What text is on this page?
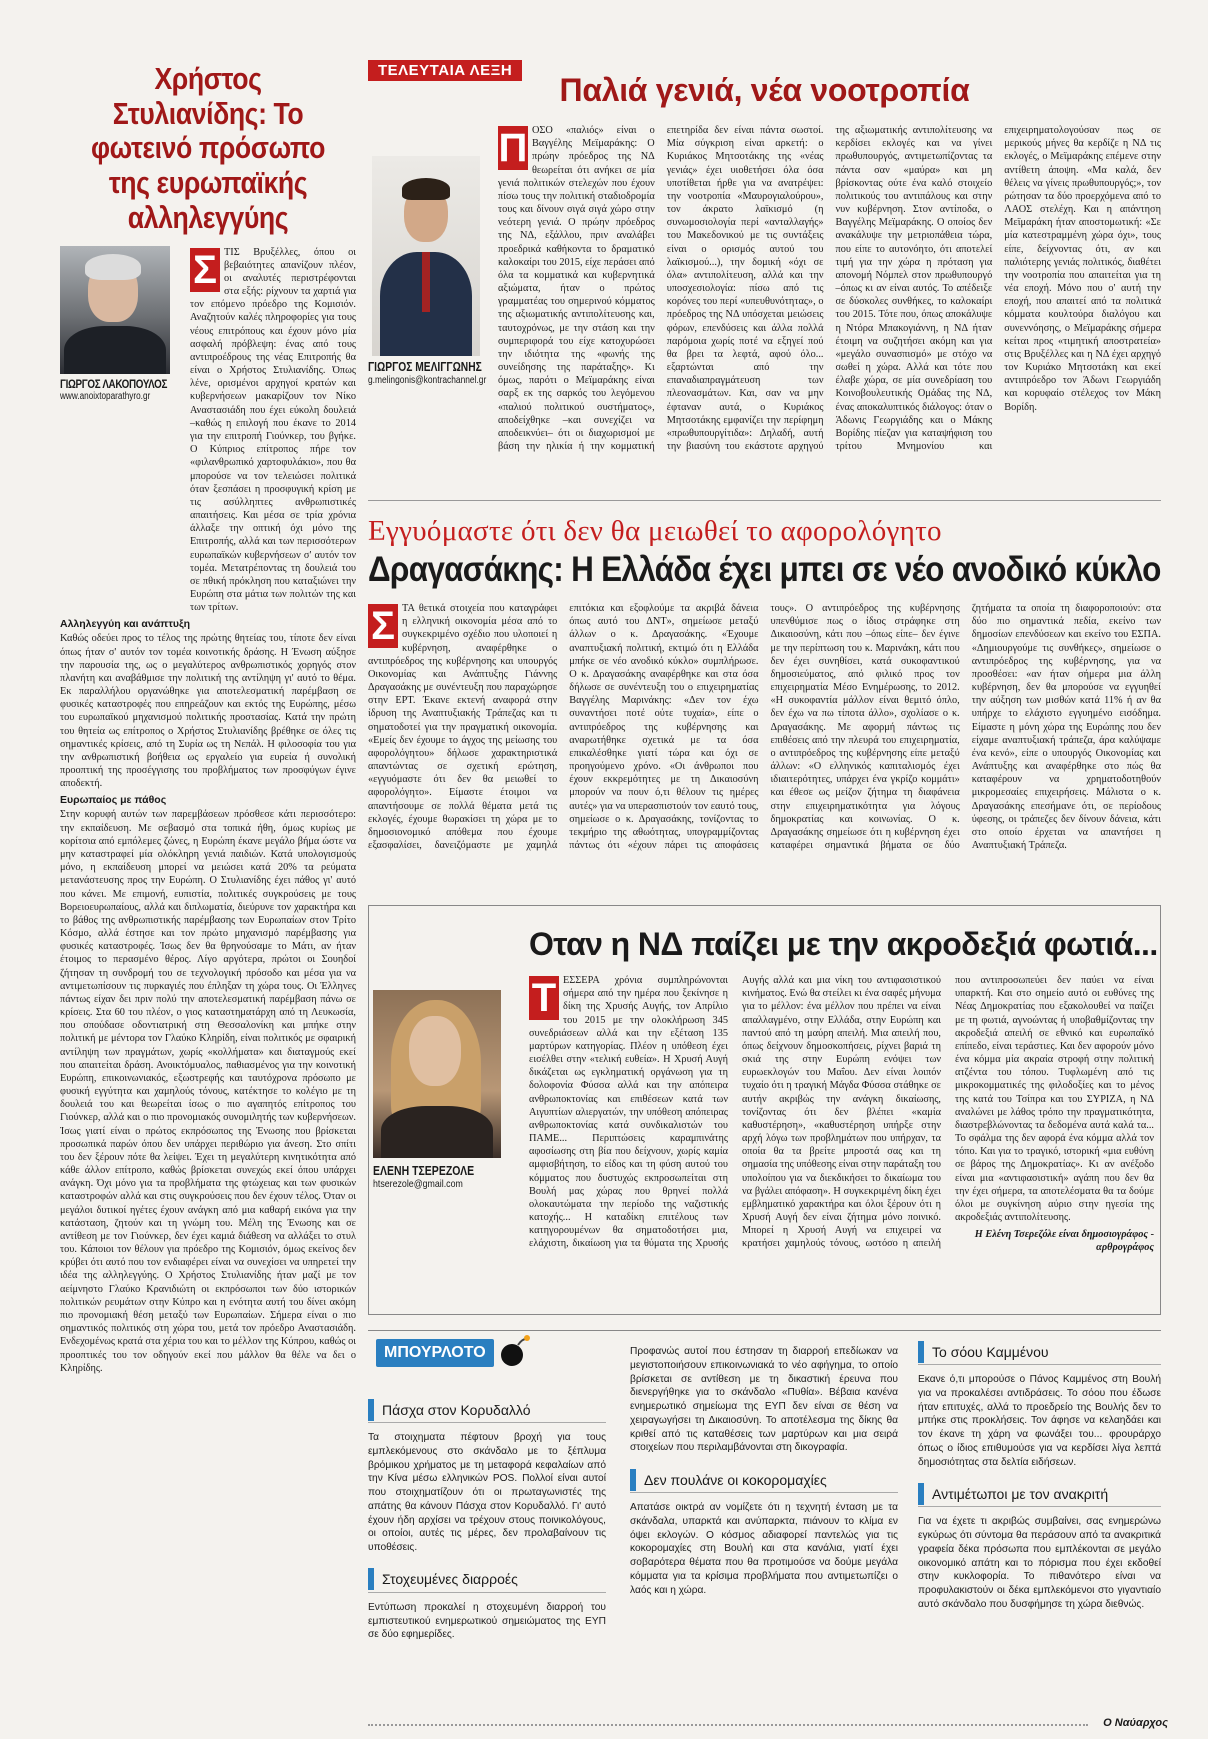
Χρήστος Στυλιανίδης: Το φωτεινό πρόσωπο της ευρωπαϊκής αλληλεγγύης
ΓΙΩΡΓΟΣ ΛΑΚΟΠΟΥΛΟΣ
www.anoixtoparathyro.gr
Σ ΤΙΣ Βρυξέλλες, όπου οι βεβαιότητες απανίζουν πλέον, οι αναλυτές περιστρέφονται στα εξής: ρίχνουν τα χαρτιά για τον επόμενο πρόεδρο της Κομισιόν. Αναζητούν καλές πληροφορίες για τους νέους επιτρόπους και έχουν μόνο μία ασφαλή πρόβλεψη: ένας από τους αντιπροέδρους της νέας Επιτροπής θα είναι ο Χρήστος Στυλιανίδης. Όπως λένε, ορισμένοι αρχηγοί κρατών και κυβερνήσεων μακαρίζουν τον Νίκο Αναστασιάδη που έχει εύκολη δουλειά –καθώς η επιλογή που έκανε το 2014 για την επιτροπή Γιούνκερ, του βγήκε. Ο Κύπριος επίτροπος πήρε τον «φιλανθρωπικό χαρτοφυλάκιο», που θα μπορούσε να τον τελειώσει πολιτικά όταν ξεσπάσει η προσφυγική κρίση με τις ασύλληπτες ανθρωπιστικές απαιτήσεις. Και μέσα σε τρία χρόνια άλλαξε την οπτική όχι μόνο της Επιτροπής, αλλά και των περισσότερων ευρωπαϊκών κυβερνήσεων σ' αυτόν τον τομέα. Μετατρέποντας τη δουλειά του σε πθική πρόκληση που καταξιώνει την Ευρώπη στα μάτια των πολιτών της και των τρίτων.
Αλληλεγγύη και ανάπτυξη
Καθώς οδεύει προς το τέλος της πρώτης θητείας του, τίποτε δεν είναι όπως ήταν σ' αυτόν τον τομέα κοινοτικής δράσης. Η Ένωση αύξησε την παρουσία της, ως ο μεγαλύτερος ανθρωπιστικός χορηγός στον πλανήτη και αναβάθμισε την πολιτική της αντίληψη γι' αυτό το θέμα. Εκ παραλλήλου οργανώθηκε για αποτελεσματική παρέμβαση σε φυσικές καταστροφές που επηρεάζουν και εκτός της Ευρώπης, μέσω του ευρωπαϊκού μηχανισμού πολιτικής προστασίας. Κατά την πρώτη του θητεία ως επίτροπος ο Χρήστος Στυλιανίδης βρέθηκε σε όλες τις σημαντικές κρίσεις, από τη Συρία ως τη Νεπάλ. Η φιλοσοφία του για την ανθρωπιστική βοήθεια ως εργαλείο για ευρεία ή συνολική προοπτική της προσέγγισης του προβλήματος των προσφύγων έγινε αποδεκτή.
Ευρωπαίος με πάθος
Στην κορυφή αυτών των παρεμβάσεων πρόσθεσε κάτι περισσότερο: την εκπαίδευση. Με σεβασμό στα τοπικά ήθη, όμως κυρίως με κορίτσια από εμπόλεμες ζώνες, η Ευρώπη έκανε μεγάλο βήμα ώστε να μην καταστραφεί μία ολόκληρη γενιά παιδιών. Κατά υπολογισμούς μόνο, η εκπαίδευση μπορεί να μειώσει κατά 20% τα ρεύματα μετανάστευσης προς την Ευρώπη. Ο Στυλιανίδης έχει πάθος γι' αυτό που κάνει. Με επιμονή, ευπιστία, πολιτικές συγκρούσεις με τους Βορειοευρωπαίους, αλλά και διπλωματία, διεύρυνε τον χαρακτήρα και το βάθος της ανθρωπιστικής παρέμβασης των Ευρωπαίων στον Τρίτο Κόσμο, αλλά έστησε και τον πρώτο μηχανισμό παρέμβασης για φυσικές καταστροφές. Ίσως δεν θα θρηνούσαμε το Μάτι, αν ήταν έτοιμος το περασμένο θέρος. Λίγο αργότερα, πρώτοι οι Σουηδοί ζήτησαν τη συνδρομή του σε τεχνολογική πρόσοδο και μέσα για να αντιμετωπίσουν τις πυρκαγιές που έπληξαν τη χώρα τους. Οι Έλληνες πάντως είχαν δει πριν πολύ την αποτελεσματική παρέμβαση πάνω σε κρίσεις. Στα 60 του πλέον, ο γιος καταστηματάρχη από τη Λευκωσία, που σπούδασε οδοντιατρική στη Θεσσαλονίκη και μπήκε στην πολιτική με μέντορα τον Γλαύκο Κληρίδη, είναι πολιτικός με σφαιρική αντίληψη των πραγμάτων, χωρίς «κολλήματα» και διαταγμούς εκεί που απαιτείται δράση. Ανοικτόμυαλος, παθιασμένος για την κοινοτική Ευρώπη, επικοινωνιακός, εξωστρεφής και ταυτόχρονα πρόσωπο με φυσική εγγύτητα και χαμηλούς τόνους, κατέκτησε το κολέγιο με τη δουλειά του και θεωρείται ίσως ο πιο αγαπητός επίτροπος του Γιούνκερ, αλλά και ο πιο προνομιακός συνομιλητής των κυβερνήσεων. Ίσως γιατί είναι ο πρώτος εκπρόσωπος της Ένωσης που βρίσκεται προσωπικά παρών όπου δεν υπάρχει περιθώριο για άνεση. Στο σπίτι του δεν ξέρουν πότε θα λείψει. Έχει τη μεγαλύτερη κινητικότητα από κάθε άλλον επίτροπο, καθώς βρίσκεται συνεχώς εκεί όπου υπάρχει ανάγκη. Όχι μόνο για τα προβλήματα της φτώχειας και των φυσικών καταστροφών αλλά και στις συγκρούσεις που δεν έχουν τέλος. Όταν οι μεγάλοι δυτικοί ηγέτες έχουν ανάγκη από μια καθαρή εικόνα για την κατάσταση, ζητούν και τη γνώμη του. Μέλη της Ένωσης και σε αντίθεση με τον Γιούνκερ, δεν έχει καμιά διάθεση να αλλάξει το στυλ του. Κάποιοι τον θέλουν για πρόεδρο της Κομισιόν, όμως εκείνος δεν κρύβει ότι αυτό που τον ενδιαφέρει είναι να συνεχίσει να υπηρετεί την ιδέα της αλληλεγγύης. Ο Χρήστος Στυλιανίδης ήταν μαζί με τον αείμνηστο Γλαύκο Κρανιδιώτη οι εκπρόσωποι των δύο ιστορικών πολιτικών ρευμάτων στην Κύπρο και η ενότητα αυτή του δίνει ακόμη πιο προνομιακή θέση μεταξύ των Ευρωπαίων. Σήμερα είναι ο πιο σημαντικός πολιτικός στη χώρα του, μετά τον πρόεδρο Αναστασιάδη. Ενδεχομένως κρατά στα χέρια του και το μέλλον της Κύπρου, καθώς οι προοπτικές του τον οδηγούν εκεί που μάλλον θα θέλε να δει ο Κληρίδης.
ΤΕΛΕΥΤΑΙΑ ΛΕΞΗ
Παλιά γενιά, νέα νοοτροπία
ΓΙΩΡΓΟΣ ΜΕΛΙΓΓΩΝΗΣ
g.melingonis@kontrachannel.gr
Π ΟΣΟ «παλιός» είναι ο Βαγγέλης Μεϊμαράκης: Ο πρώην πρόεδρος της ΝΔ θεωρείται ότι ανήκει σε μία γενιά πολιτικών στελεχών που έχουν πίσω τους την πολιτική σταδιοδρομία τους και δίνουν σιγά σιγά χώρο στην νεότερη γενιά. Ο πρώην πρόεδρος της ΝΔ, εξάλλου, πριν αναλάβει προεδρικά καθήκοντα το δραματικό καλοκαίρι του 2015, είχε περάσει από όλα τα κομματικά και κυβερνητικά αξιώματα, ήταν ο πρώτος γραμματέας του σημερινού κόμματος της αξιωματικής αντιπολίτευσης και, ταυτοχρόνως, με την στάση και την συμπεριφορά του είχε κατοχυρώσει την ιδιότητα της «φωνής της συνείδησης της παράταξης». Κι όμως, παρότι ο Μεϊμαράκης είναι σαρξ εκ της σαρκός του λεγόμενου «παλιού πολιτικού συστήματος», αποδείχθηκε –και συνεχίζει να αποδεικνύει– ότι οι διαχωρισμοί με βάση την ηλικία ή την κομματική επετηρίδα δεν είναι πάντα σωστοί. Μία σύγκριση είναι αρκετή: ο Κυριάκος Μητσοτάκης της «νέας γενιάς» έχει υιοθετήσει όλα όσα υποτίθεται ήρθε για να ανατρέψει: την νοοτροπία «Μαυρογιαλούρου», τον άκρατο λαϊκισμό (η συνωμοσιολογία περί «ανταλλαγής» του Μακεδονικού με τις συντάξεις είναι ο ορισμός αυτού του λαϊκισμού...), την δομική «όχι σε όλα» αντιπολίτευση, αλλά και την υποσχεσιολογία: πίσω από τις κορόνες του περί «υπευθυνότητας», ο πρόεδρος της ΝΔ υπόσχεται μειώσεις φόρων, επενδύσεις και άλλα πολλά παρόμοια χωρίς ποτέ να εξηγεί πού θα βρει τα λεφτά, αφού όλο... εξαρτώνται από την επαναδιαπραγμάτευση των πλεονασμάτων. Και, σαν να μην έφταναν αυτά, ο Κυριάκος Μητσοτάκης εμφανίζει την περίφημη «πρωθυπουργίτιδα»: Δηλαδή, αυτή την βιασύνη του εκάστοτε αρχηγού της αξιωματικής αντιπολίτευσης να κερδίσει εκλογές και να γίνει πρωθυπουργός, αντιμετωπίζοντας τα πάντα σαν «μαύρα» και μη βρίσκοντας ούτε ένα καλό στοιχείο πολιτικούς του αντιπάλους και στην νυν κυβέρνηση. Στον αντίποδα, ο Βαγγέλης Μεϊμαράκης. Ο οποίος δεν ανακάλυψε την μετριοπάθεια τώρα, που είπε το αυτονόητο, ότι αποτελεί τιμή για την χώρα η πρόταση για απονομή Νόμπελ στον πρωθυπουργό –όπως κι αν είναι αυτός. Το απέδειξε σε δύσκολες συνθήκες, το καλοκαίρι του 2015. Τότε που, όπως αποκάλυψε η Ντόρα Μπακογιάννη, η ΝΔ ήταν έτοιμη να συζητήσει ακόμη και για «μεγάλο συνασπισμό» με στόχο να σωθεί η χώρα. Αλλά και τότε που έλαβε χώρα, σε μία συνεδρίαση του Κοινοβουλευτικής Ομάδας της ΝΔ, ένας αποκαλυπτικός διάλογος: όταν ο Άδωνις Γεωργιάδης και ο Μάκης Βορίδης πίεζαν για καταψήφιση του τρίτου Μνημονίου και επιχειρηματολογούσαν πως σε μερικούς μήνες θα κερδίζε η ΝΔ τις εκλογές, ο Μεϊμαράκης επέμενε στην αντίθετη άποψη. «Μα καλά, δεν θέλεις να γίνεις πρωθυπουργός;», τον ρώτησαν τα δύο προερχόμενα από το ΛΑΟΣ στελέχη. Και η απάντηση Μεϊμαράκη ήταν αποστομωτική: «Σε μία κατεστραμμένη χώρα όχι», τους είπε, δείχνοντας ότι, αν και παλιότερης γενιάς πολιτικός, διαθέτει την νοοτροπία που απαιτείται για τη νέα εποχή. Μόνο που ο' αυτή την εποχή, που απαιτεί από τα πολιτικά κόμματα κουλτούρα διαλόγου και συνεννόησης, ο Μεϊμαράκης σήμερα κείται προς «τιμητική αποστρατεία» στις Βρυξέλλες και η ΝΔ έχει αρχηγό τον Κυριάκο Μητσοτάκη και εκεί αντιπρόεδρο τον Άδωνι Γεωργιάδη και κορυφαίο στέλεχος τον Μάκη Βορίδη.
Εγγυόμαστε ότι δεν θα μειωθεί το αφορολόγητο
Δραγασάκης: Η Ελλάδα έχει μπει σε νέο ανοδικό κύκλο
Σ ΤΑ θετικά στοιχεία που καταγράφει η ελληνική οικονομία μέσα από το συγκεκριμένο σχέδιο που υλοποιεί η κυβέρνηση, αναφέρθηκε ο αντιπρόεδρος της κυβέρνησης και υπουργός Οικονομίας και Ανάπτυξης Γιάννης Δραγασάκης με συνέντευξη που παραχώρησε στην ΕΡΤ. Έκανε εκτενή αναφορά στην ίδρυση της Αναπτυξιακής Τράπεζας και τι σηματοδοτεί για την πραγματική οικονομία. «Εμείς δεν έχουμε το άγχος της μείωσης του αφορολόγητου» δήλωσε χαρακτηριστικά απαντώντας σε σχετική ερώτηση, «εγγυόμαστε ότι δεν θα μειωθεί το αφορολόγητο». Είμαστε έτοιμοι να απαντήσουμε σε πολλά θέματα μετά τις εκλογές, έχουμε θωρακίσει τη χώρα με το δημοσιονομικό απόθεμα που έχουμε εξασφαλίσει, δανειζόμαστε με χαμηλά επιτόκια και εξοφλούμε τα ακριβά δάνεια όπως αυτό του ΔΝΤ», σημείωσε μεταξύ άλλων ο κ. Δραγασάκης. «Έχουμε αναπτυξιακή πολιτική, εκτιμώ ότι η Ελλάδα μπήκε σε νέο ανοδικό κύκλο» συμπλήρωσε. Ο κ. Δραγασάκης αναφέρθηκε και στα όσα δήλωσε σε συνέντευξη του ο επιχειρηματίας Βαγγέλης Μαρινάκης: «Δεν τον έχω συναντήσει ποτέ ούτε τυχαία», είπε ο αντιπρόεδρος της κυβέρνησης και αναρωτήθηκε σχετικά με τα όσα επικαλέσθηκε γιατί τώρα και όχι σε προηγούμενο χρόνο. «Οι άνθρωποι που έχουν εκκρεμότητες με τη Δικαιοσύνη μπορούν να πουν ό,τι θέλουν τις ημέρες αυτές» για να υπερασπιστούν τον εαυτό τους, σημείωσε ο κ. Δραγασάκης, τονίζοντας το τεκμήριο της αθωότητας, υπογραμμίζοντας πάντως ότι «έχουν πάρει τις αποφάσεις τους». Ο αντιπρόεδρος της κυβέρνησης υπενθύμισε πως ο ίδιος στράφηκε στη Δικαιοσύνη, κάτι που –όπως είπε– δεν έγινε με την περίπτωση του κ. Μαρινάκη, κάτι που δεν έχει συνηθίσει, κατά συκοφαντικού δημοσιεύματος, από φιλικό προς τον επιχειρηματία Μέσο Ενημέρωσης, το 2012. «Η συκοφαντία μάλλον είναι θεμιτό όπλο, δεν έχω να πω τίποτα άλλο», σχολίασε ο κ. Δραγασάκης. Με αφορμή πάντως τις επιθέσεις από την πλευρά του επιχειρηματία, ο αντιπρόεδρος της κυβέρνησης είπε μεταξύ άλλων: «Ο ελληνικός καπιταλισμός έχει ιδιαιτερότητες, υπάρχει ένα γκρίζο κομμάτι» και έθεσε ως μείζον ζήτημα τη διαφάνεια στην επιχειρηματικότητα για λόγους δημοκρατίας και κοινωνίας. Ο κ. Δραγασάκης σημείωσε ότι η κυβέρνηση έχει καταφέρει σημαντικά βήματα σε δύο ζητήματα τα οποία τη διαφοροποιούν: στα δύο πιο σημαντικά πεδία, εκείνο των δημοσίων επενδύσεων και εκείνο του ΕΣΠΑ. «Δημιουργούμε τις συνθήκες», σημείωσε ο αντιπρόεδρος της κυβέρνησης, για να προσθέσει: «αν ήταν σήμερα μια άλλη κυβέρνηση, δεν θα μπορούσε να εγγυηθεί την αύξηση των μισθών κατά 11% ή αν θα υπήρχε το ελάχιστο εγγυημένο εισόδημα. Είμαστε η μόνη χώρα της Ευρώπης που δεν είχαμε αναπτυξιακή τράπεζα, άρα καλύψαμε ένα κενό», είπε ο υπουργός Οικονομίας και Ανάπτυξης και αναφέρθηκε στο πώς θα καταφέρουν να χρηματοδοτηθούν μικρομεσαίες επιχειρήσεις. Μάλιστα ο κ. Δραγασάκης επεσήμανε ότι, σε περίοδους ύφεσης, οι τράπεζες δεν δίνουν δάνεια, κάτι στο οποίο έρχεται να απαντήσει η Αναπτυξιακή Τράπεζα.
Οταν η ΝΔ παίζει με την ακροδεξιά φωτιά...
ΕΛΕΝΗ ΤΣΕΡΕΖΟΛΕ
htserezole@gmail.com
Τ ΕΣΣΕΡΑ χρόνια συμπληρώνονται σήμερα από την ημέρα που ξεκίνησε η δίκη της Χρυσής Αυγής, τον Απρίλιο του 2015 με την ολοκλήρωση 345 συνεδριάσεων αλλά και την εξέταση 135 μαρτύρων κατηγορίας. Πλέον η υπόθεση έχει εισέλθει στην «τελική ευθεία». Η Χρυσή Αυγή δικάζεται ως εγκληματική οργάνωση για τη δολοφονία Φύσσα αλλά και την απόπειρα ανθρωποκτονίας και επιθέσεων κατά των Αιγυπτίων αλιεργατών, την υπόθεση απόπειρας ανθρωποκτονίας κατά συνδικαλιστών του ΠΑΜΕ... Περιπτώσεις καραμπινάτης αφοσίωσης στη βία που δείχνουν, χωρίς καμία αμφισβήτηση, το είδος και τη φύση αυτού του κόμματος που δυστυχώς εκπροσωπείται στη Βουλή μας χώρας που θρηνεί πολλά ολοκαυτώματα την περίοδο της ναζιστικής κατοχής... Η καταδίκη επιτέλους των κατηγορουμένων θα σηματοδοτήσει μια, ελάχιστη, δικαίωση για τα θύματα της Χρυσής Αυγής αλλά και μια νίκη του αντιφασιστικού κινήματος. Ενώ θα στείλει κι ένα σαφές μήνυμα για το μέλλον: ένα μέλλον που πρέπει να είναι απαλλαγμένο, στην Ελλάδα, στην Ευρώπη και παντού από τη μαύρη απειλή. Μια απειλή που, όπως δείχνουν δημοσκοπήσεις, ρίχνει βαριά τη σκιά της στην Ευρώπη ενόψει των ευρωεκλογών του Μαΐου. Δεν είναι λοιπόν τυχαίο ότι η τραγική Μάγδα Φύσσα στάθηκε σε αυτήν ακριβώς την ανάγκη δικαίωσης, τονίζοντας ότι δεν βλέπει «καμία καθυστέρηση», «καθυστέρηση υπήρξε στην αρχή λόγω των προβλημάτων που υπήρχαν, τα οποία θα τα βρείτε μπροστά σας και τη σημασία της υπόθεσης είναι στην παράταξη του υπολοίπου για να διεκδικήσει το δικαίωμα του να βγάλει απόφαση». Η συγκεκριμένη δίκη έχει εμβληματικό χαρακτήρα και όλοι ξέρουν ότι η Χρυσή Αυγή δεν είναι ζήτημα μόνο ποινικό. Μπορεί η Χρυσή Αυγή να επιχειρεί να κρατήσει χαμηλούς τόνους, ωστόσο η απειλή που αντιπροσωπεύει δεν παύει να είναι υπαρκτή. Και στο σημείο αυτό οι ευθύνες της Νέας Δημοκρατίας που εξακολουθεί να παίζει με τη φωτιά, αγνοώντας ή υποβαθμίζοντας την ακροδεξιά απειλή σε εθνικό και ευρωπαϊκό επίπεδο, είναι τεράστιες. Και δεν αφορούν μόνο ένα κόμμα μία ακραία στροφή στην πολιτική ατζέντα του τόπου. Τυφλωμένη από τις μικροκομματικές της φιλοδοξίες και το μένος της κατά του Τσίπρα και του ΣΥΡΙΖΑ, η ΝΔ αναλώνει με λάθος τρόπο την πραγματικότητα, διαστρεβλώνοντας τα δεδομένα αυτά καλά τα... Το σφάλμα της δεν αφορά ένα κόμμα αλλά τον τόπο. Και για το τραγικό, ιστορική «μια ευθύνη σε βάρος της Δημοκρατίας». Κι αν ανέξοδο είναι μια «αντιφασιστική» αγάπη που δεν θα την έχει σήμερα, τα αποτελέσματα θα τα δούμε όλοι με συγκίνηση αύριο στην ηγεσία της ακροδεξιάς αντιπολίτευσης.
Η Ελένη Τσερεζόλε είναι δημοσιογράφος - αρθρογράφος
ΜΠΟΥΡΛΟΤΟ
Πάσχα στον Κορυδαλλό
Τα στοιχηματα πέφτουν βροχή για τους εμπλεκόμενους στο σκάνδαλο με το ξέπλυμα βρόμικου χρήματος με τη μεταφορά κεφαλαίων από την Κίνα μέσω ελληνικών POS. Πολλοί είναι αυτοί που στοιχηματίζουν ότι οι πρωταγωνιστές της απάτης θα κάνουν Πάσχα στον Κορυδαλλό. Γι' αυτό έχουν ήδη αρχίσει να τρέχουν στους ποινικολόγους, οι οποίοι, αυτές τις μέρες, δεν προλαβαίνουν τις υποθέσεις.
Στοχευμένες διαρροές
Εντύπωση προκαλεί η στοχευμένη διαρροή του εμπιστευτικού ενημερωτικού σημειώματος της ΕΥΠ σε δύο εφημερίδες.
Προφανώς αυτοί που έστησαν τη διαρροή επεδίωκαν να μεγιστοποιήσουν επικοινωνιακά το νέο αφήγημα, το οποίο βρίσκεται σε αντίθεση με τη δικαστική έρευνα που διενεργήθηκε για το σκάνδαλο «Πυθία». Βέβαια κανένα ενημερωτικό σημείωμα της ΕΥΠ δεν είναι σε θέση να χειραγωγήσει τη Δικαιοσύνη. Το αποτέλεσμα της δίκης θα κριθεί από τις καταθέσεις των μαρτύρων και μια σειρά στοιχείων που περιλαμβάνονται στη δικογραφία.
Δεν πουλάνε οι κοκορομαχίες
Απατάσε οικτρά αν νομίζετε ότι η τεχνητή ένταση με τα σκάνδαλα, υπαρκτά και ανύπαρκτα, πιάνουν το κλίμα εν όψει εκλογών. Ο κόσμος αδιαφορεί παντελώς για τις κοκορομαχίες στη Βουλή και στα κανάλια, γιατί έχει σοβαρότερα θέματα που θα προτιμούσε να δούμε μεγάλα κόμματα για τα κρίσιμα προβλήματα που αντιμετωπίζει ο λαός και η χώρα.
Το σόου Καμμένου
Εκανε ό,τι μπορούσε ο Πάνος Καμμένος στη Βουλή για να προκαλέσει αντιδράσεις. Το σόου που έδωσε ήταν επιτυχές, αλλά το προεδρείο της Βουλής δεν το μπήκε στις προκλήσεις. Τον άφησε να κελαηδάει και τον έκανε τη χάρη να φωνάξει του... φρουράρχο όπως ο ίδιος επιθυμούσε για να κερδίσει λίγα λεπτά δημοσιότητας στα δελτία ειδήσεων.
Αντιμέτωποι με τον ανακριτή
Για να έχετε τι ακριβώς συμβαίνει, σας ενημερώνω εγκύρως ότι σύντομα θα περάσουν από τα ανακριτικά γραφεία δέκα πρόσωπα που εμπλέκονται σε μεγάλο οικονομικό απάτη και το πόρισμα που έχει εκδοθεί στην κυκλοφορία. Το πιθανότερο είναι να προφυλακιστούν οι δέκα εμπλεκόμενοι στο γιγαντιαίο αυτό σκάνδαλο που δυσφήμησε τη χώρα διεθνώς.
Ο Ναύαρχος
